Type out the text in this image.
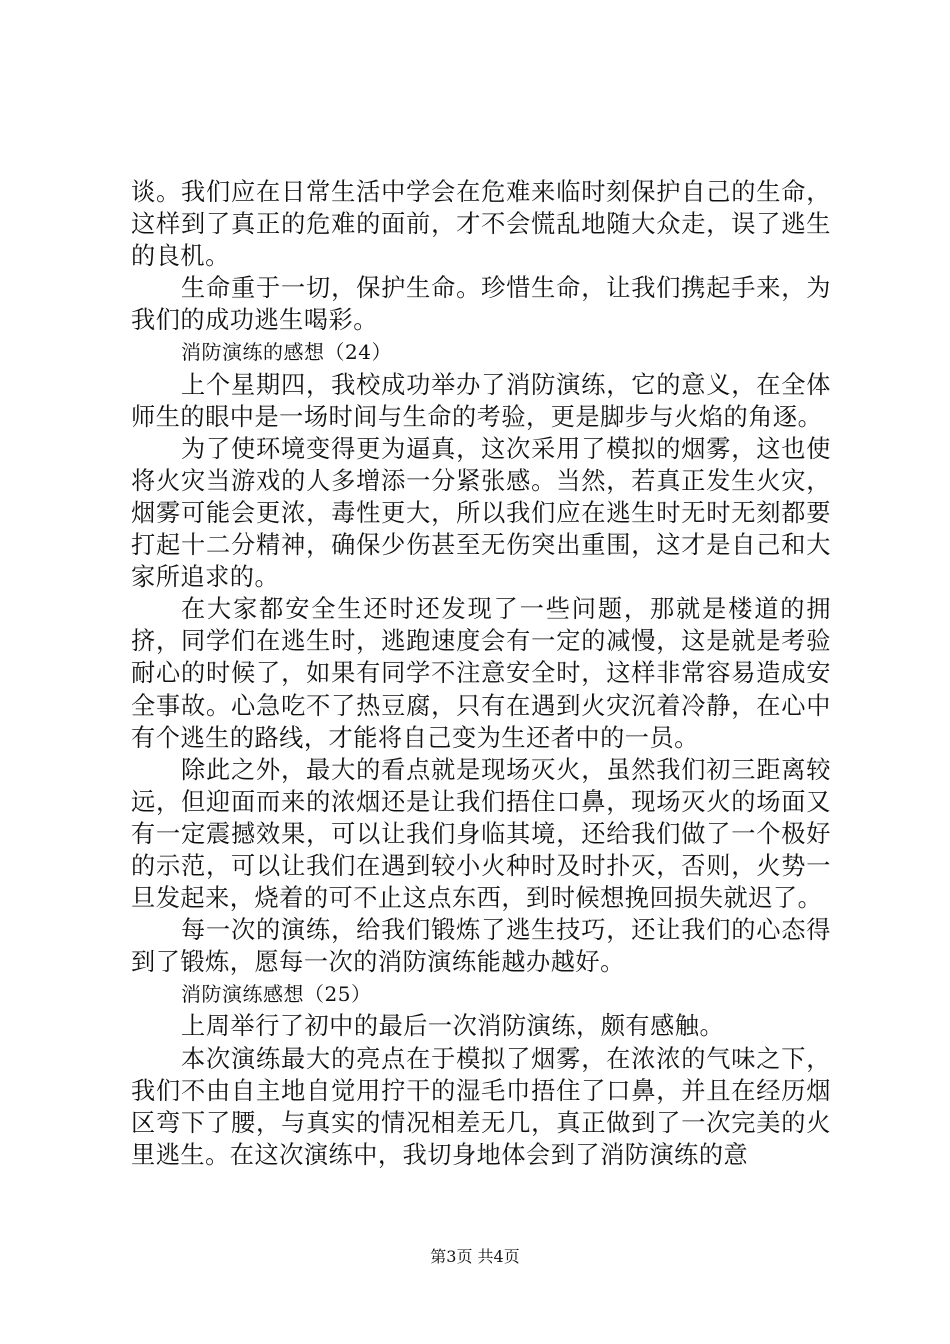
谈。我们应在日常生活中学会在危难来临时刻保护自己的生命，这样到了真正的危难的面前，才不会慌乱地随大众走，误了逃生的良机。

生命重于一切，保护生命。珍惜生命，让我们携起手来，为我们的成功逃生喝彩。

消防演练的感想（24）

上个星期四，我校成功举办了消防演练，它的意义，在全体师生的眼中是一场时间与生命的考验，更是脚步与火焰的角逐。

为了使环境变得更为逼真，这次采用了模拟的烟雾，这也使将火灾当游戏的人多增添一分紧张感。当然，若真正发生火灾，烟雾可能会更浓，毒性更大，所以我们应在逃生时无时无刻都要打起十二分精神，确保少伤甚至无伤突出重围，这才是自己和大家所追求的。

在大家都安全生还时还发现了一些问题，那就是楼道的拥挤，同学们在逃生时，逃跑速度会有一定的减慢，这是就是考验耐心的时候了，如果有同学不注意安全时，这样非常容易造成安全事故。心急吃不了热豆腐，只有在遇到火灾沉着冷静，在心中有个逃生的路线，才能将自己变为生还者中的一员。

除此之外，最大的看点就是现场灭火，虽然我们初三距离较远，但迎面而来的浓烟还是让我们捂住口鼻，现场灭火的场面又有一定震撼效果，可以让我们身临其境，还给我们做了一个极好的示范，可以让我们在遇到较小火种时及时扑灭，否则，火势一旦发起来，烧着的可不止这点东西，到时候想挽回损失就迟了。

每一次的演练，给我们锻炼了逃生技巧，还让我们的心态得到了锻炼，愿每一次的消防演练能越办越好。

消防演练感想（25）

上周举行了初中的最后一次消防演练，颇有感触。

本次演练最大的亮点在于模拟了烟雾，在浓浓的气味之下，我们不由自主地自觉用拧干的湿毛巾捂住了口鼻，并且在经历烟区弯下了腰，与真实的情况相差无几，真正做到了一次完美的火里逃生。在这次演练中，我切身地体会到了消防演练的意

第3页 共4页
